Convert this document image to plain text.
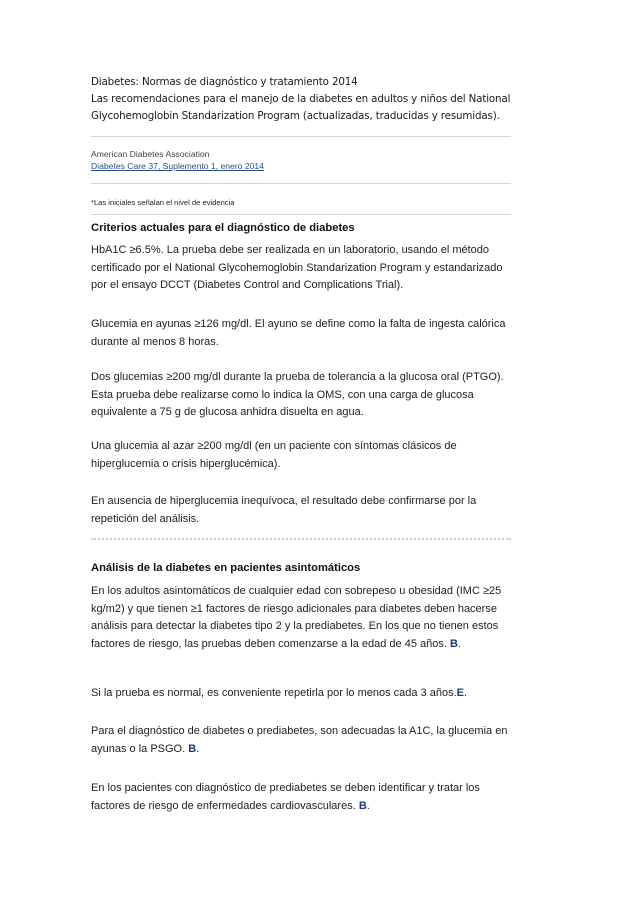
Diabetes: Normas de diagnóstico y tratamiento 2014
Las recomendaciones para el manejo de la diabetes en adultos y niños del National
Glycohemoglobin Standarization Program (actualizadas, traducidas y resumidas).
American Diabetes Association
Diabetes Care 37, Suplemento 1, enero 2014
*Las iniciales señalan el nivel de evidencia
Criterios actuales para el diagnóstico de diabetes
HbA1C ≥6.5%. La prueba debe ser realizada en un laboratorio, usando el método certificado por el National Glycohemoglobin Standarization Program y estandarizado por el ensayo DCCT (Diabetes Control and Complications Trial).
Glucemia en ayunas ≥126 mg/dl. El ayuno se define como la falta de ingesta calórica durante al menos 8 horas.
Dos glucemias ≥200 mg/dl durante la prueba de tolerancia a la glucosa oral (PTGO). Esta prueba debe realizarse como lo indica la OMS, con una carga de glucosa equivalente a 75 g de glucosa anhidra disuelta en agua.
Una glucemia al azar ≥200 mg/dl (en un paciente con síntomas clásicos de hiperglucemia o crisis hiperglucémica).
En ausencia de hiperglucemia inequívoca, el resultado debe confirmarse por la repetición del análisis.
Análisis de la diabetes en pacientes asintomáticos
En los adultos asintomáticos de cualquier edad con sobrepeso u obesidad (IMC ≥25 kg/m2) y que tienen ≥1 factores de riesgo adicionales para diabetes deben hacerse análisis para detectar la diabetes tipo 2 y la prediabetes. En los que no tienen estos factores de riesgo, las pruebas deben comenzarse a la edad de 45 años. B.
Si la prueba es normal, es conveniente repetirla por lo menos cada 3 años.E.
Para el diagnóstico de diabetes o prediabetes, son adecuadas la A1C, la glucemia en ayunas o la PSGO. B.
En los pacientes con diagnóstico de prediabetes se deben identificar y tratar los factores de riesgo de enfermedades cardiovasculares. B.
